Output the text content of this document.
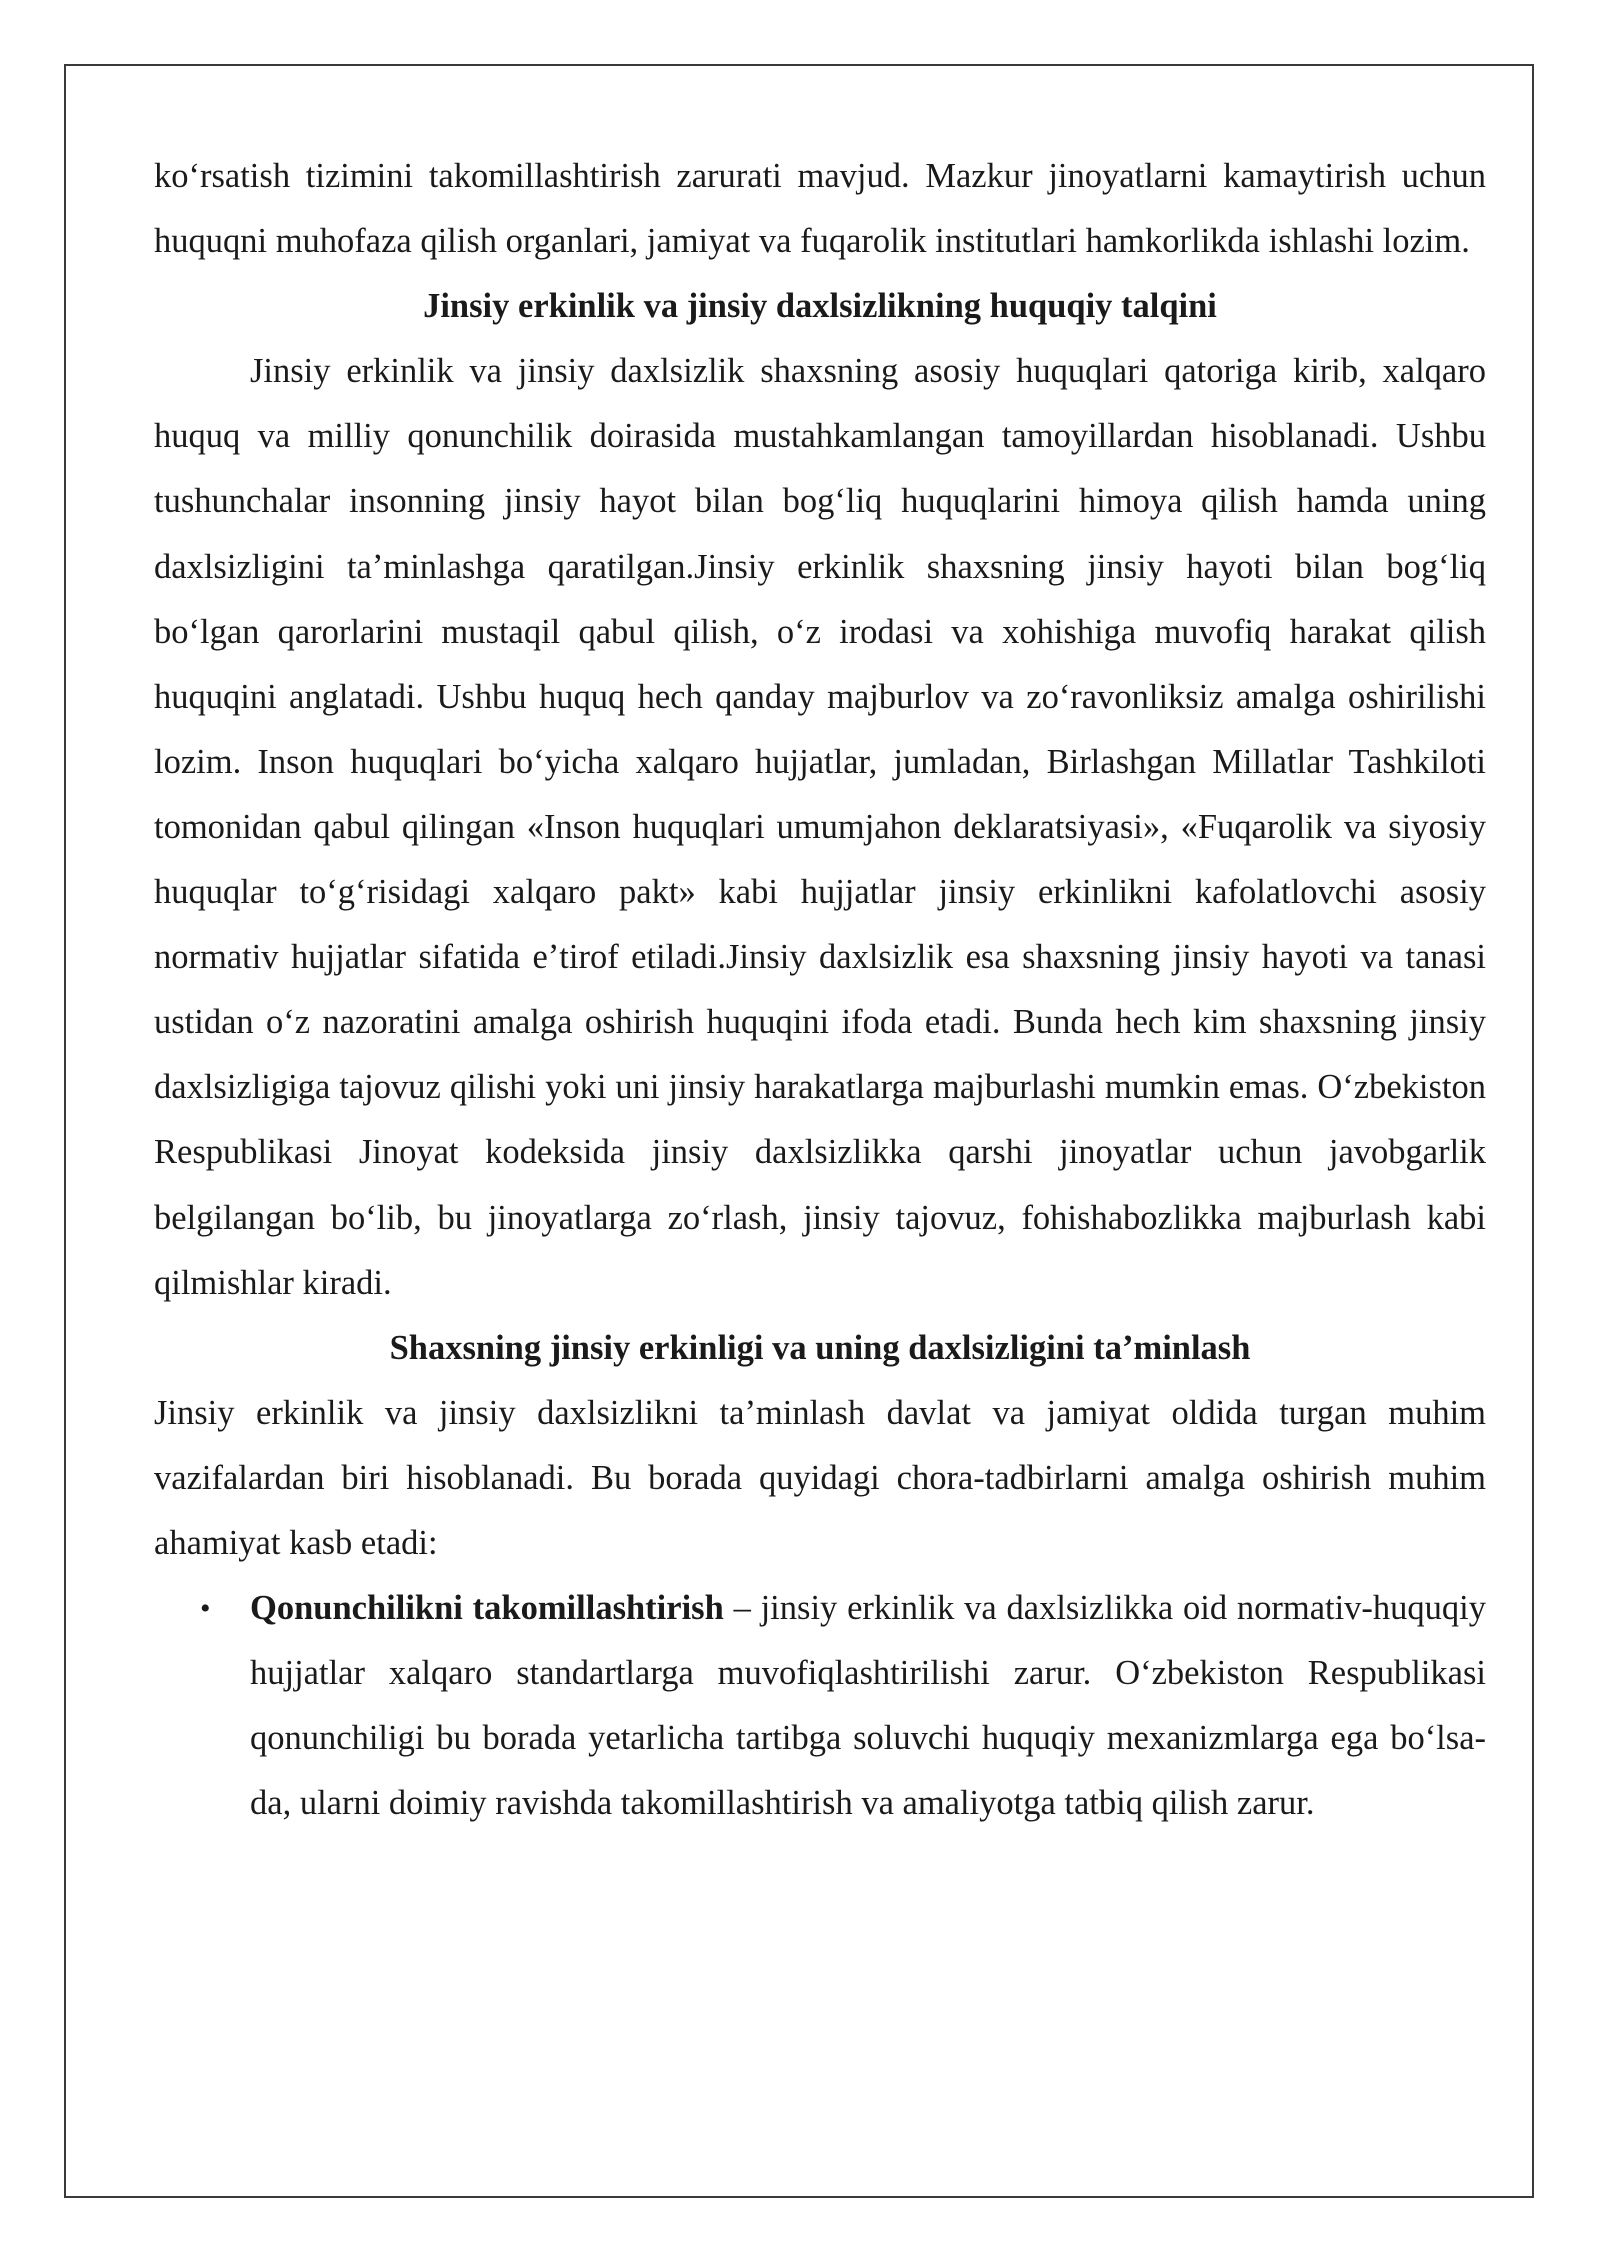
koʻrsatish tizimini takomillashtirish zarurati mavjud. Mazkur jinoyatlarni kamaytirish uchun huquqni muhofaza qilish organlari, jamiyat va fuqarolik institutlari hamkorlikda ishlashi lozim.

Jinsiy erkinlik va jinsiy daxlsizlikning huquqiy talqini

Jinsiy erkinlik va jinsiy daxlsizlik shaxsning asosiy huquqlari qatoriga kirib, xalqaro huquq va milliy qonunchilik doirasida mustahkamlangan tamoyillardan hisoblanadi. Ushbu tushunchalar insonning jinsiy hayot bilan bogʻliq huquqlarini himoya qilish hamda uning daxlsizligini taʼminlashga qaratilgan.Jinsiy erkinlik shaxsning jinsiy hayoti bilan bogʻliq boʻlgan qarorlarini mustaqil qabul qilish, oʻz irodasi va xohishiga muvofiq harakat qilish huquqini anglatadi. Ushbu huquq hech qanday majburlov va zoʻravonliksiz amalga oshirilishi lozim. Inson huquqlari boʻyicha xalqaro hujjatlar, jumladan, Birlashgan Millatlar Tashkiloti tomonidan qabul qilingan «Inson huquqlari umumjahon deklaratsiyasi», «Fuqarolik va siyosiy huquqlar toʻgʻrisidagi xalqaro pakt» kabi hujjatlar jinsiy erkinlikni kafolatlovchi asosiy normativ hujjatlar sifatida eʼtirof etiladi.Jinsiy daxlsizlik esa shaxsning jinsiy hayoti va tanasi ustidan oʻz nazoratini amalga oshirish huquqini ifoda etadi. Bunda hech kim shaxsning jinsiy daxlsizligiga tajovuz qilishi yoki uni jinsiy harakatlarga majburlashi mumkin emas. Oʻzbekiston Respublikasi Jinoyat kodeksida jinsiy daxlsizlikka qarshi jinoyatlar uchun javobgarlik belgilangan boʻlib, bu jinoyatlarga zoʻrlash, jinsiy tajovuz, fohishabozlikka majburlash kabi qilmishlar kiradi.

Shaxsning jinsiy erkinligi va uning daxlsizligini taʼminlash

Jinsiy erkinlik va jinsiy daxlsizlikni taʼminlash davlat va jamiyat oldida turgan muhim vazifalardan biri hisoblanadi. Bu borada quyidagi chora-tadbirlarni amalga oshirish muhim ahamiyat kasb etadi:

• Qonunchilikni takomillashtirish – jinsiy erkinlik va daxlsizlikka oid normativ-huquqiy hujjatlar xalqaro standartlarga muvofiqlashtirilishi zarur. Oʻzbekiston Respublikasi qonunchiligi bu borada yetarlicha tartibga soluvchi huquqiy mexanizmlarga ega boʻlsa-da, ularni doimiy ravishda takomillashtirish va amaliyotga tatbiq qilish zarur.
